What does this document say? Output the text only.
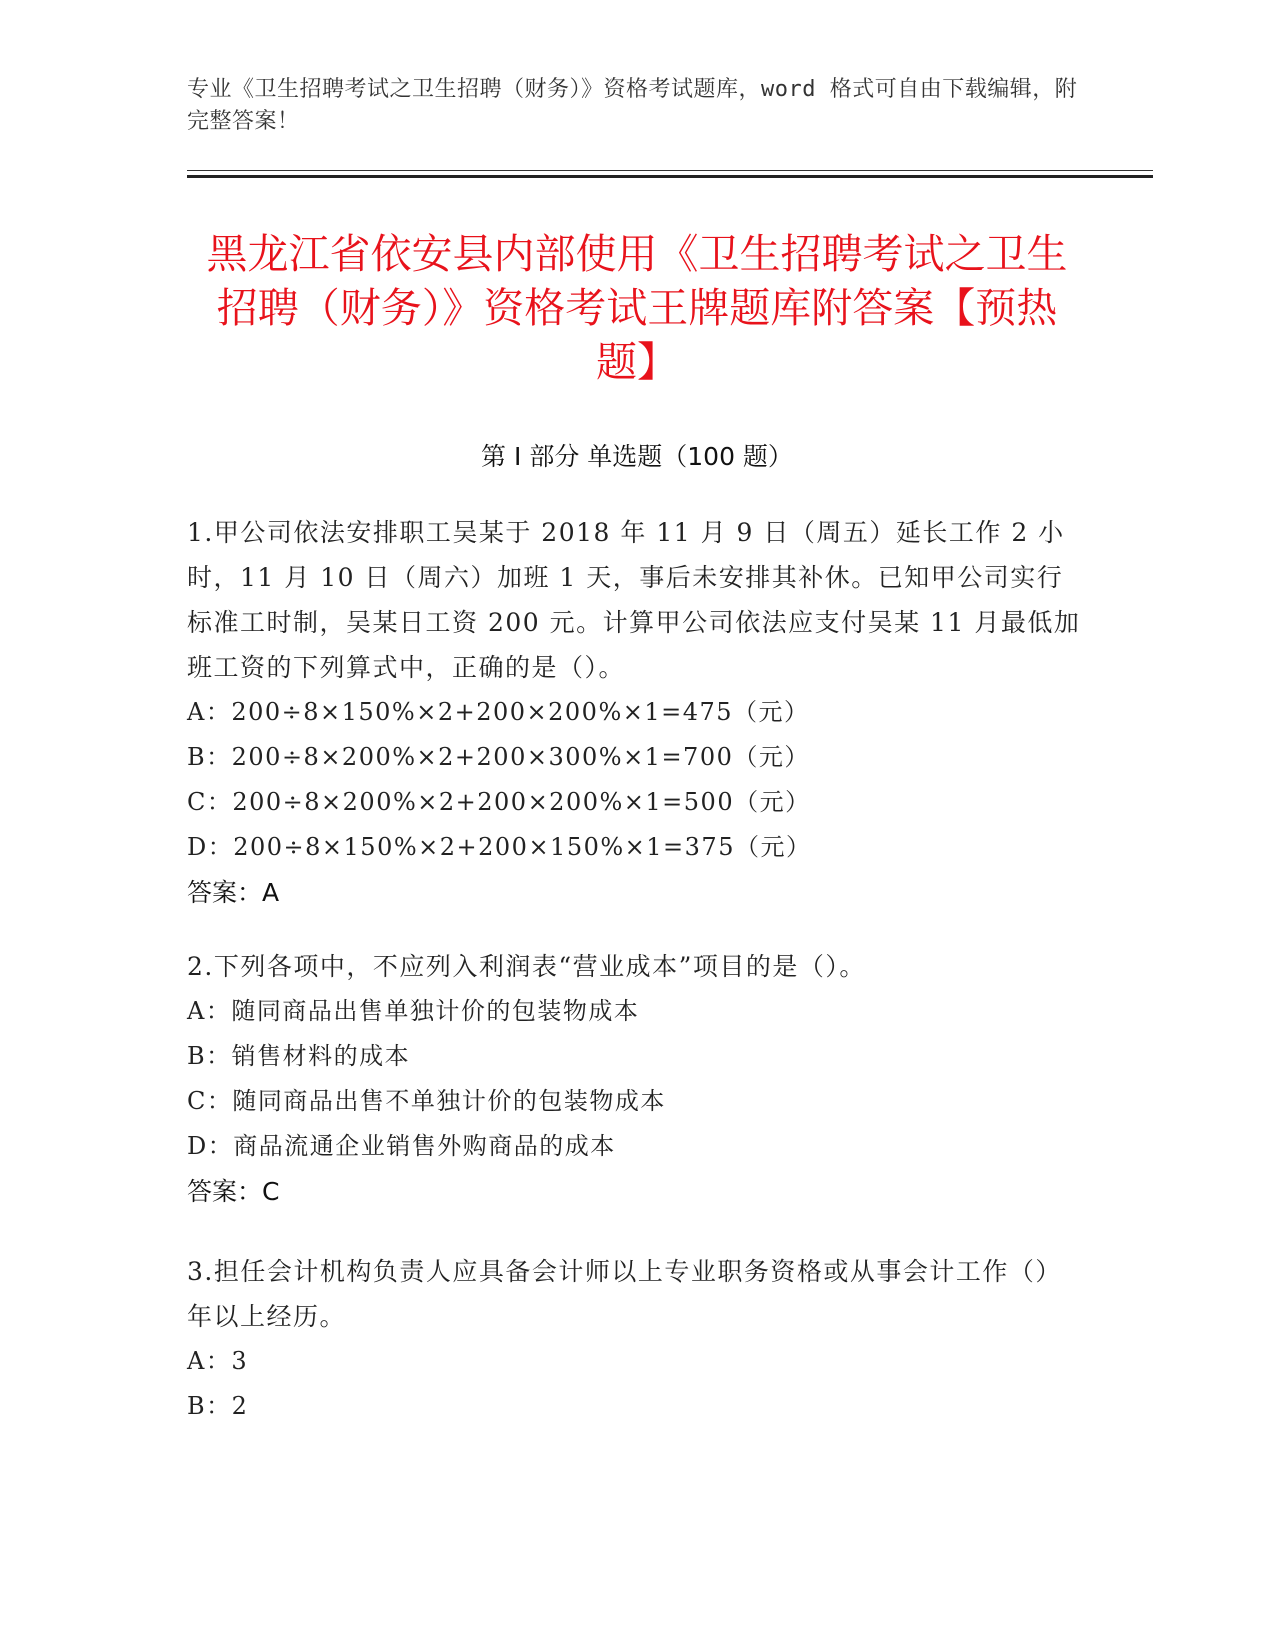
专业《卫生招聘考试之卫生招聘（财务）》资格考试题库，word 格式可自由下载编辑，附完整答案！
黑龙江省依安县内部使用《卫生招聘考试之卫生招聘（财务）》资格考试王牌题库附答案【预热题】
第 I 部分 单选题（100 题）
1.甲公司依法安排职工吴某于 2018 年 11 月 9 日（周五）延长工作 2 小时，11 月 10 日（周六）加班 1 天，事后未安排其补休。已知甲公司实行标准工时制，吴某日工资 200 元。计算甲公司依法应支付吴某 11 月最低加班工资的下列算式中，正确的是（）。
A：200÷8×150%×2+200×200%×1=475（元）
B：200÷8×200%×2+200×300%×1=700（元）
C：200÷8×200%×2+200×200%×1=500（元）
D：200÷8×150%×2+200×150%×1=375（元）
答案：A
2.下列各项中，不应列入利润表“营业成本”项目的是（）。
A：随同商品出售单独计价的包装物成本
B：销售材料的成本
C：随同商品出售不单独计价的包装物成本
D：商品流通企业销售外购商品的成本
答案：C
3.担任会计机构负责人应具备会计师以上专业职务资格或从事会计工作（）年以上经历。
A：3
B：2
